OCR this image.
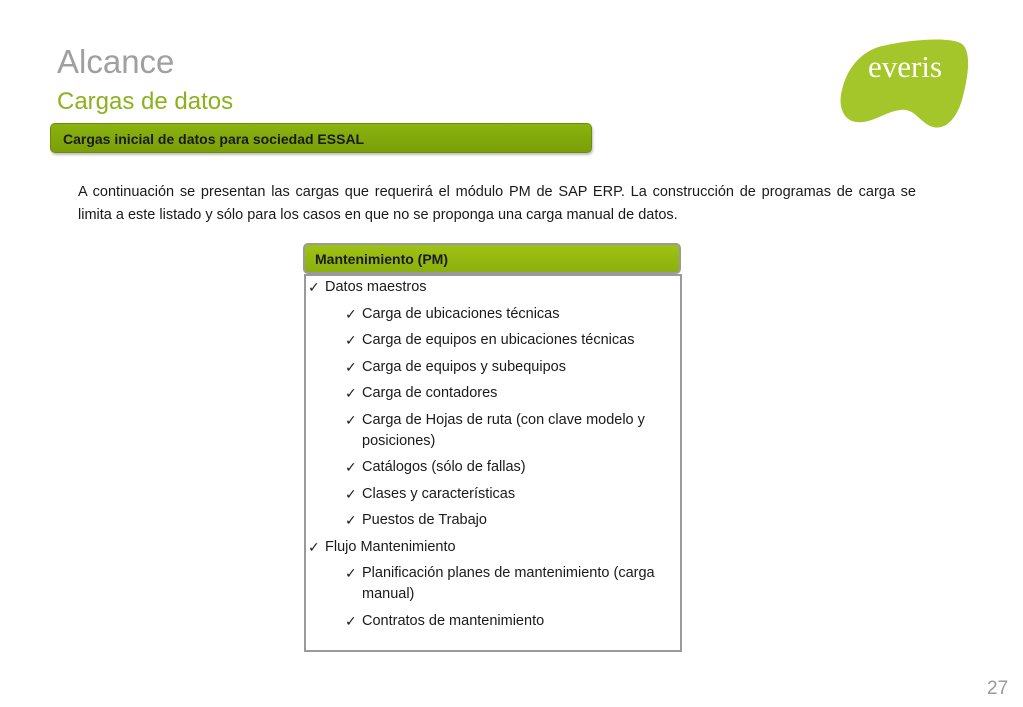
Alcance
Cargas de datos
everis
Cargas inicial de datos para sociedad ESSAL

A continuación se presentan las cargas que requerirá el módulo PM de SAP ERP. La construcción de programas de carga se limita a este listado y sólo para los casos en que no se proponga una carga manual de datos.

Mantenimiento (PM)
✓ Datos maestros
✓ Carga de ubicaciones técnicas
✓ Carga de equipos en ubicaciones técnicas
✓ Carga de equipos y subequipos
✓ Carga de contadores
✓ Carga de Hojas de ruta (con clave modelo y posiciones)
✓ Catálogos (sólo de fallas)
✓ Clases y características
✓ Puestos de Trabajo
✓ Flujo Mantenimiento
✓ Planificación planes de mantenimiento (carga manual)
✓ Contratos de mantenimiento
27
